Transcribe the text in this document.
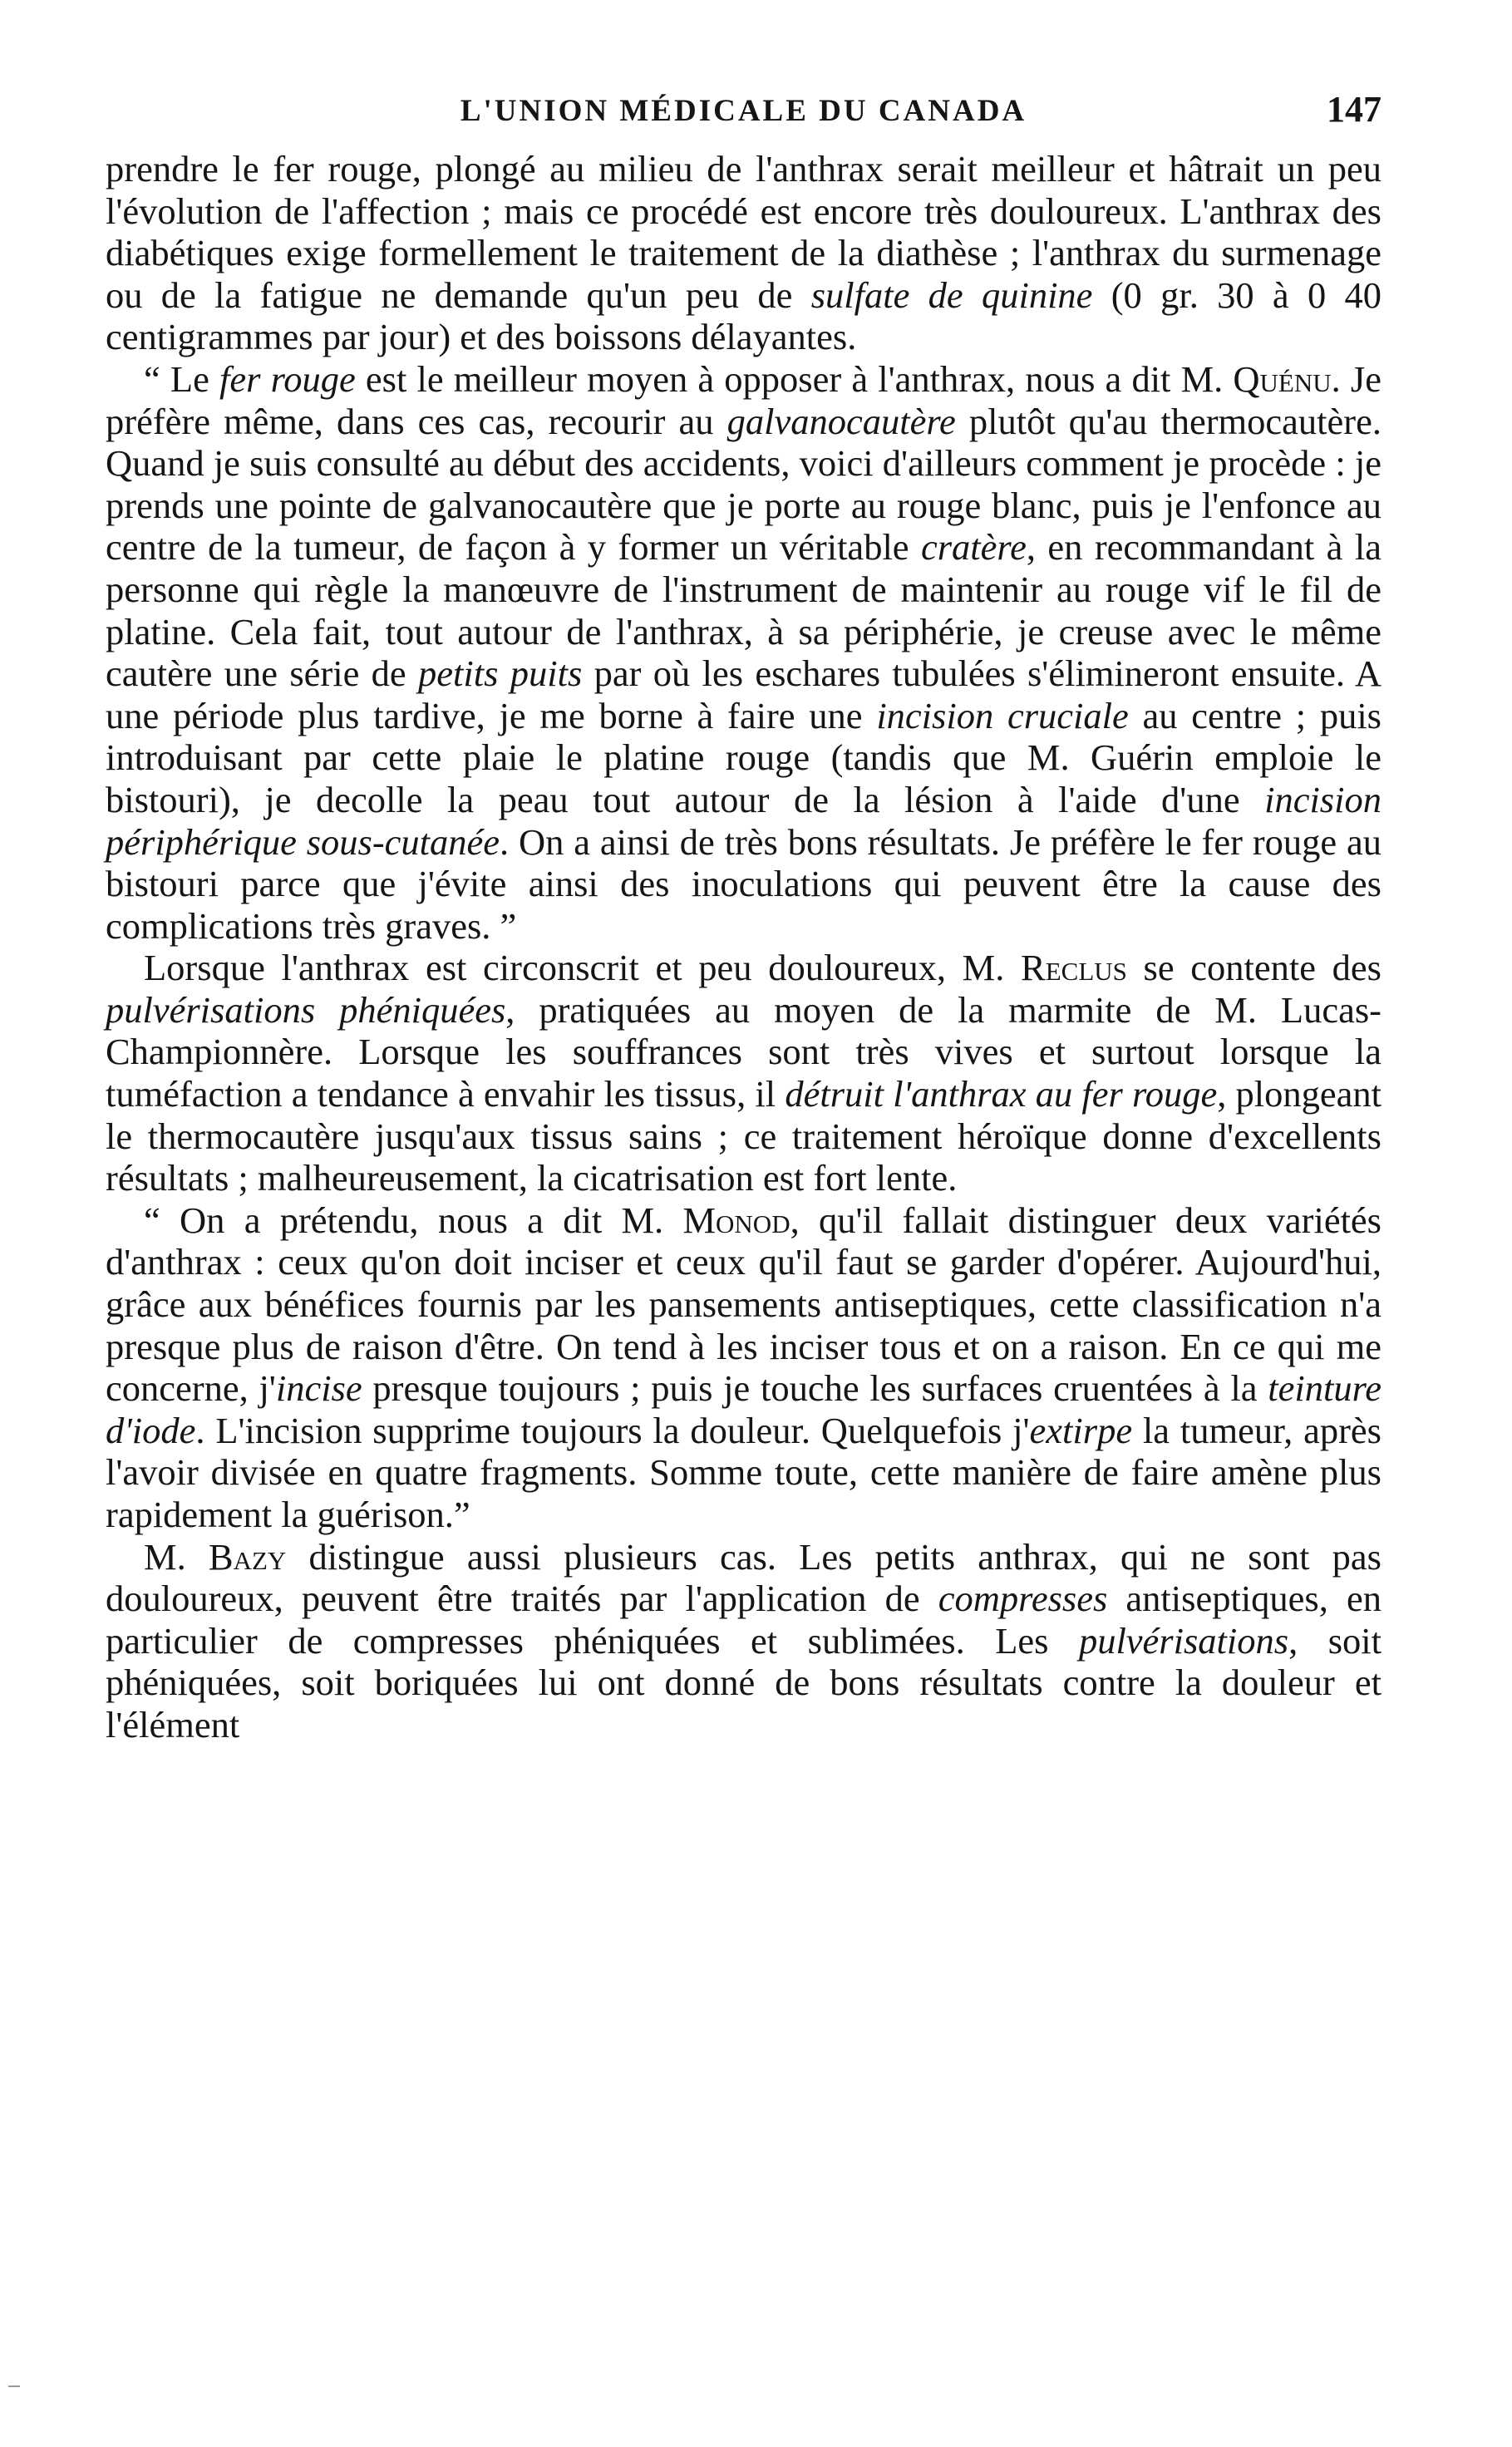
L'UNION MÉDICALE DU CANADA	147

prendre le fer rouge, plongé au milieu de l'anthrax serait meilleur et hâtrait un peu l'évolution de l'affection ; mais ce procédé est encore très douloureux. L'anthrax des diabétiques exige formellement le traitement de la diathèse ; l'anthrax du surmenage ou de la fatigue ne demande qu'un peu de sulfate de quinine (0 gr. 30 à 0 40 centigrammes par jour) et des boissons délayantes.

“ Le fer rouge est le meilleur moyen à opposer à l'anthrax, nous a dit M. Quénu. Je préfère même, dans ces cas, recourir au galvanocautère plutôt qu'au thermocautère. Quand je suis consulté au début des accidents, voici d'ailleurs comment je procède : je prends une pointe de galvanocautère que je porte au rouge blanc, puis je l'enfonce au centre de la tumeur, de façon à y former un véritable cratère, en recommandant à la personne qui règle la manœuvre de l'instrument de maintenir au rouge vif le fil de platine. Cela fait, tout autour de l'anthrax, à sa périphérie, je creuse avec le même cautère une série de petits puits par où les eschares tubulées s'élimineront ensuite. A une période plus tardive, je me borne à faire une incision cruciale au centre ; puis introduisant par cette plaie le platine rouge (tandis que M. Guérin emploie le bistouri), je decolle la peau tout autour de la lésion à l'aide d'une incision périphérique sous-cutanée. On a ainsi de très bons résultats. Je préfère le fer rouge au bistouri parce que j'évite ainsi des inoculations qui peuvent être la cause des complications très graves. ”

Lorsque l'anthrax est circonscrit et peu douloureux, M. Reclus se contente des pulvérisations phéniquées, pratiquées au moyen de la marmite de M. Lucas-Championnère. Lorsque les souffrances sont très vives et surtout lorsque la tuméfaction a tendance à envahir les tissus, il détruit l'anthrax au fer rouge, plongeant le thermocautère jusqu'aux tissus sains ; ce traitement héroïque donne d'excellents résultats ; malheureusement, la cicatrisation est fort lente.

“ On a prétendu, nous a dit M. Monod, qu'il fallait distinguer deux variétés d'anthrax : ceux qu'on doit inciser et ceux qu'il faut se garder d'opérer. Aujourd'hui, grâce aux bénéfices fournis par les pansements antiseptiques, cette classification n'a presque plus de raison d'être. On tend à les inciser tous et on a raison. En ce qui me concerne, j'incise presque toujours ; puis je touche les surfaces cruentées à la teinture d'iode. L'incision supprime toujours la douleur. Quelquefois j'extirpe la tumeur, après l'avoir divisée en quatre fragments. Somme toute, cette manière de faire amène plus rapidement la guérison.”

M. Bazy distingue aussi plusieurs cas. Les petits anthrax, qui ne sont pas douloureux, peuvent être traités par l'application de compresses antiseptiques, en particulier de compresses phéniquées et sublimées. Les pulvérisations, soit phéniquées, soit boriquées lui ont donné de bons résultats contre la douleur et l'élément
